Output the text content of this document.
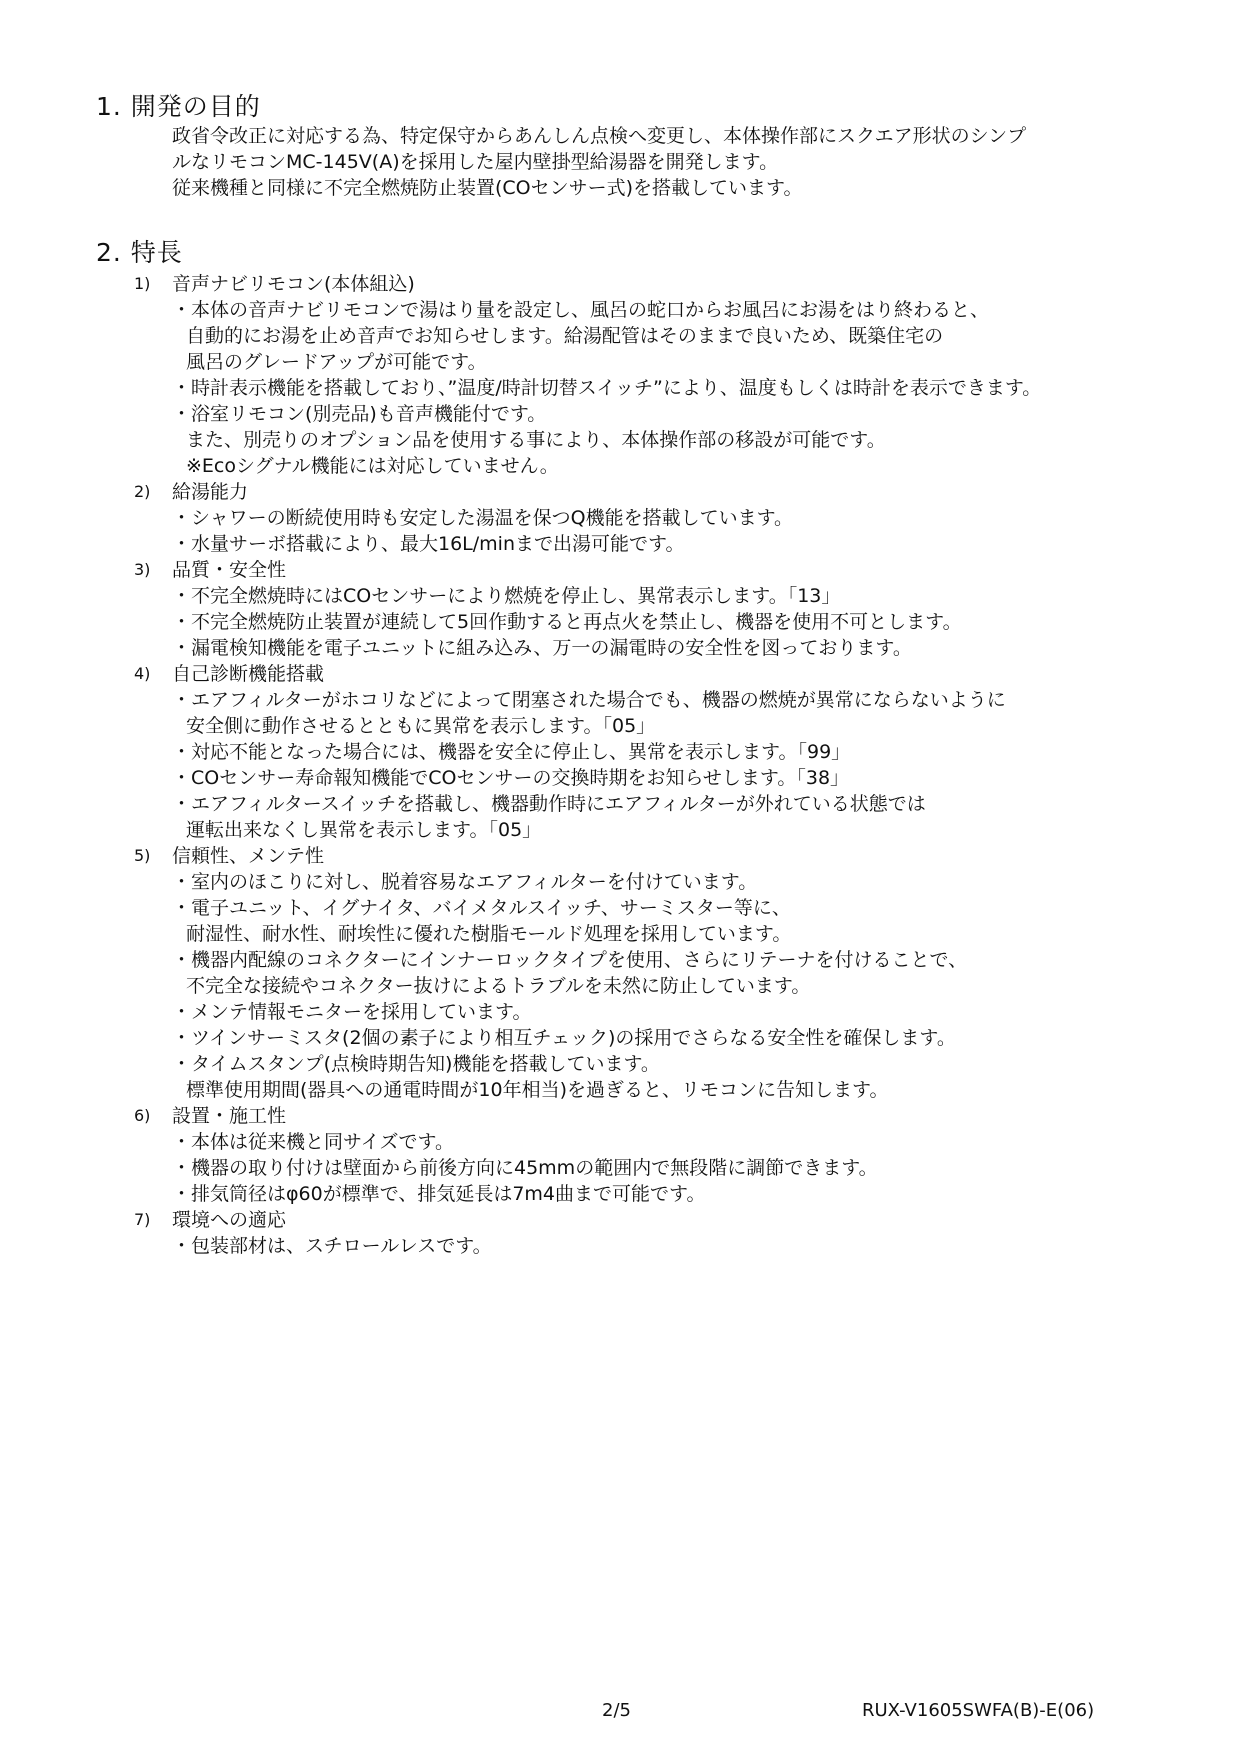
1. 開発の目的
政省令改正に対応する為、特定保守からあんしん点検へ変更し、本体操作部にスクエア形状のシンプ
ルなリモコンMC-145V(A)を採用した屋内壁掛型給湯器を開発します。
従来機種と同様に不完全燃焼防止装置(COセンサー式)を搭載しています。
2. 特長
1) 音声ナビリモコン(本体組込)
・本体の音声ナビリモコンで湯はり量を設定し、風呂の蛇口からお風呂にお湯をはり終わると、
自動的にお湯を止め音声でお知らせします。給湯配管はそのままで良いため、既築住宅の
風呂のグレードアップが可能です。
・時計表示機能を搭載しており、”温度/時計切替スイッチ”により、温度もしくは時計を表示できます。
・浴室リモコン(別売品)も音声機能付です。
また、別売りのオプション品を使用する事により、本体操作部の移設が可能です。
※Ecoシグナル機能には対応していません。
2) 給湯能力
・シャワーの断続使用時も安定した湯温を保つQ機能を搭載しています。
・水量サーボ搭載により、最大16L/minまで出湯可能です。
3) 品質・安全性
・不完全燃焼時にはCOセンサーにより燃焼を停止し、異常表示します。「13」
・不完全燃焼防止装置が連続して5回作動すると再点火を禁止し、機器を使用不可とします。
・漏電検知機能を電子ユニットに組み込み、万一の漏電時の安全性を図っております。
4) 自己診断機能搭載
・エアフィルターがホコリなどによって閉塞された場合でも、機器の燃焼が異常にならないように
安全側に動作させるとともに異常を表示します。「05」
・対応不能となった場合には、機器を安全に停止し、異常を表示します。「99」
・COセンサー寿命報知機能でCOセンサーの交換時期をお知らせします。「38」
・エアフィルタースイッチを搭載し、機器動作時にエアフィルターが外れている状態では
運転出来なくし異常を表示します。「05」
5) 信頼性、メンテ性
・室内のほこりに対し、脱着容易なエアフィルターを付けています。
・電子ユニット、イグナイタ、バイメタルスイッチ、サーミスター等に、
耐湿性、耐水性、耐埃性に優れた樹脂モールド処理を採用しています。
・機器内配線のコネクターにインナーロックタイプを使用、さらにリテーナを付けることで、
不完全な接続やコネクター抜けによるトラブルを未然に防止しています。
・メンテ情報モニターを採用しています。
・ツインサーミスタ(2個の素子により相互チェック)の採用でさらなる安全性を確保します。
・タイムスタンプ(点検時期告知)機能を搭載しています。
標準使用期間(器具への通電時間が10年相当)を過ぎると、リモコンに告知します。
6) 設置・施工性
・本体は従来機と同サイズです。
・機器の取り付けは壁面から前後方向に45mmの範囲内で無段階に調節できます。
・排気筒径はφ60が標準で、排気延長は7m4曲まで可能です。
7) 環境への適応
・包装部材は、スチロールレスです。
2/5	RUX-V1605SWFA(B)-E(06)
